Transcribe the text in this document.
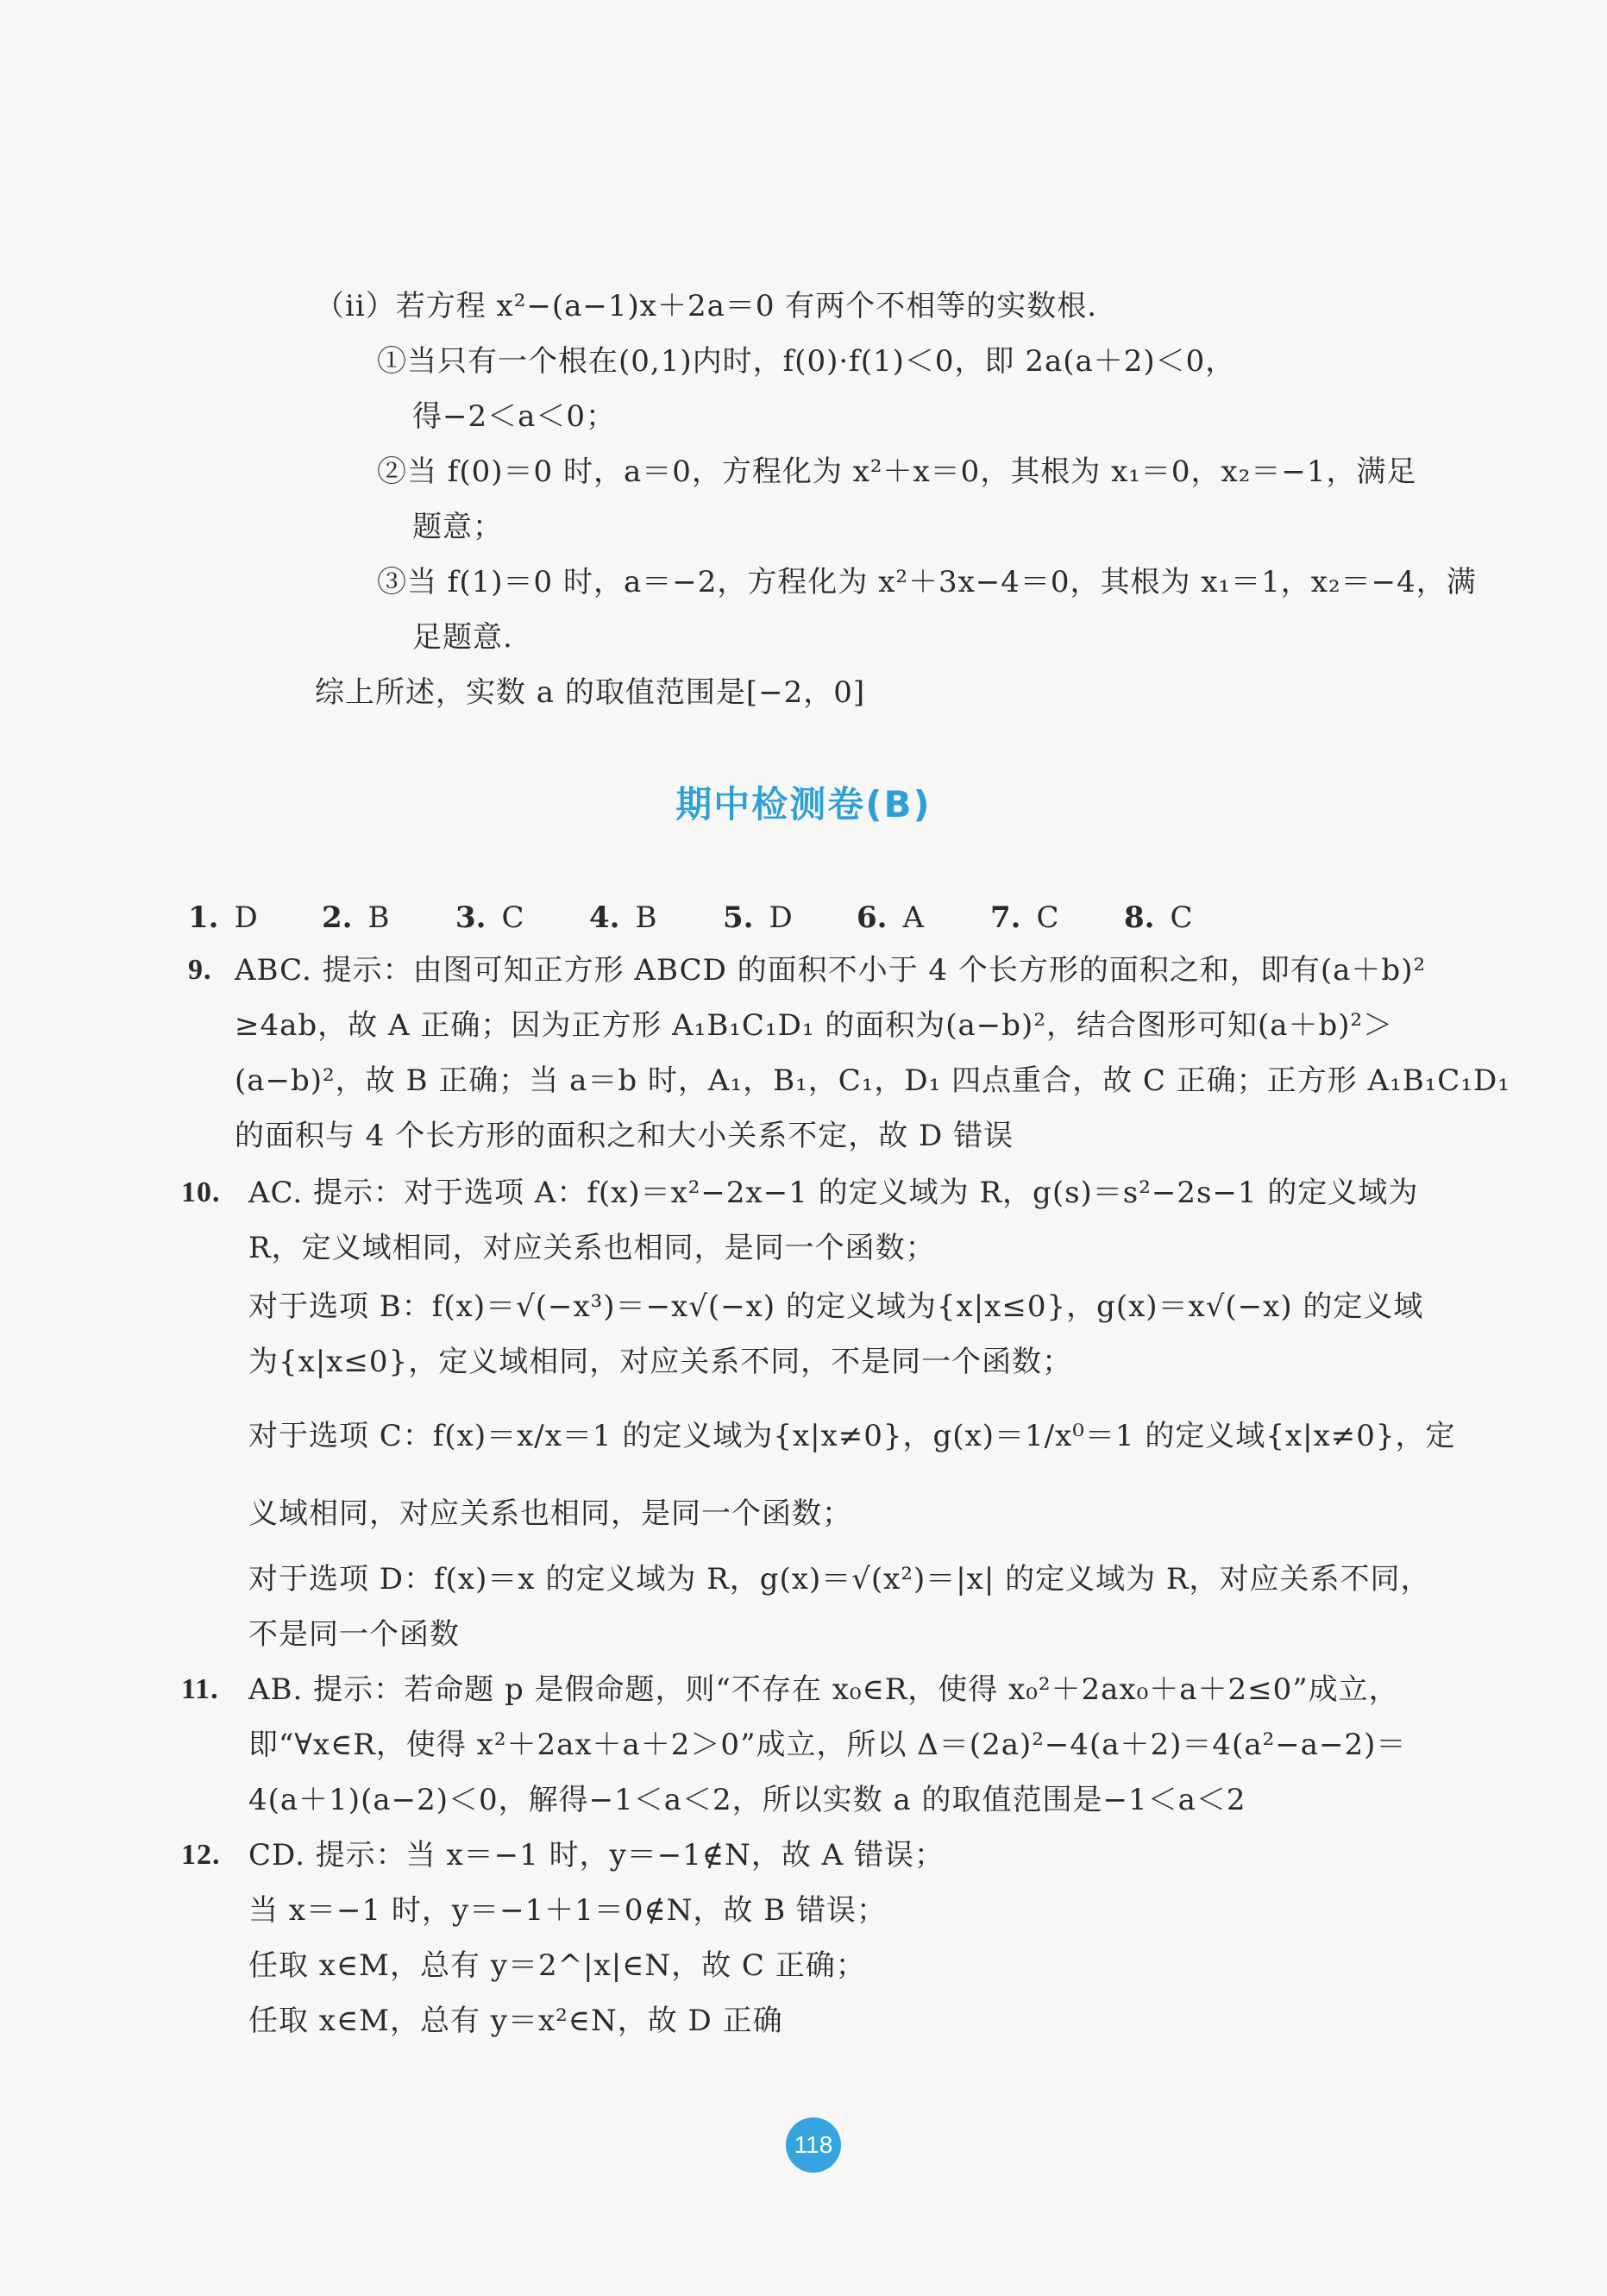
（ii）若方程 x²−(a−1)x＋2a＝0 有两个不相等的实数根.
①当只有一个根在(0,1)内时，f(0)·f(1)＜0，即 2a(a＋2)＜0，
得−2＜a＜0；
②当 f(0)＝0 时，a＝0，方程化为 x²＋x＝0，其根为 x₁＝0，x₂＝−1，满足
题意；
③当 f(1)＝0 时，a＝−2，方程化为 x²＋3x−4＝0，其根为 x₁＝1，x₂＝−4，满
足题意.
综上所述，实数 a 的取值范围是[−2，0]
期中检测卷(B)
1. D 2. B 3. C 4. B 5. D 6. A 7. C 8. C
9. ABC. 提示：由图可知正方形 ABCD 的面积不小于 4 个长方形的面积之和，即有(a＋b)²
≥4ab，故 A 正确；因为正方形 A₁B₁C₁D₁ 的面积为(a−b)²，结合图形可知(a＋b)²＞
(a−b)²，故 B 正确；当 a＝b 时，A₁，B₁，C₁，D₁ 四点重合，故 C 正确；正方形 A₁B₁C₁D₁
的面积与 4 个长方形的面积之和大小关系不定，故 D 错误
10. AC. 提示：对于选项 A：f(x)＝x²−2x−1 的定义域为 R，g(s)＝s²−2s−1 的定义域为
R，定义域相同，对应关系也相同，是同一个函数；
对于选项 B：f(x)＝√(−x³)＝−x√(−x) 的定义域为{x|x≤0}，g(x)＝x√(−x) 的定义域
为{x|x≤0}，定义域相同，对应关系不同，不是同一个函数；
对于选项 C：f(x)＝x/x＝1 的定义域为{x|x≠0}，g(x)＝1/x⁰＝1 的定义域{x|x≠0}，定
义域相同，对应关系也相同，是同一个函数；
对于选项 D：f(x)＝x 的定义域为 R，g(x)＝√(x²)＝|x| 的定义域为 R，对应关系不同，
不是同一个函数
11. AB. 提示：若命题 p 是假命题，则“不存在 x₀∈R，使得 x₀²＋2ax₀＋a＋2≤0”成立，
即“∀x∈R，使得 x²＋2ax＋a＋2＞0”成立，所以 Δ＝(2a)²−4(a＋2)＝4(a²−a−2)＝
4(a＋1)(a−2)＜0，解得−1＜a＜2，所以实数 a 的取值范围是−1＜a＜2
12. CD. 提示：当 x＝−1 时，y＝−1∉N，故 A 错误；
当 x＝−1 时，y＝−1＋1＝0∉N，故 B 错误；
任取 x∈M，总有 y＝2^|x|∈N，故 C 正确；
任取 x∈M，总有 y＝x²∈N，故 D 正确
118
